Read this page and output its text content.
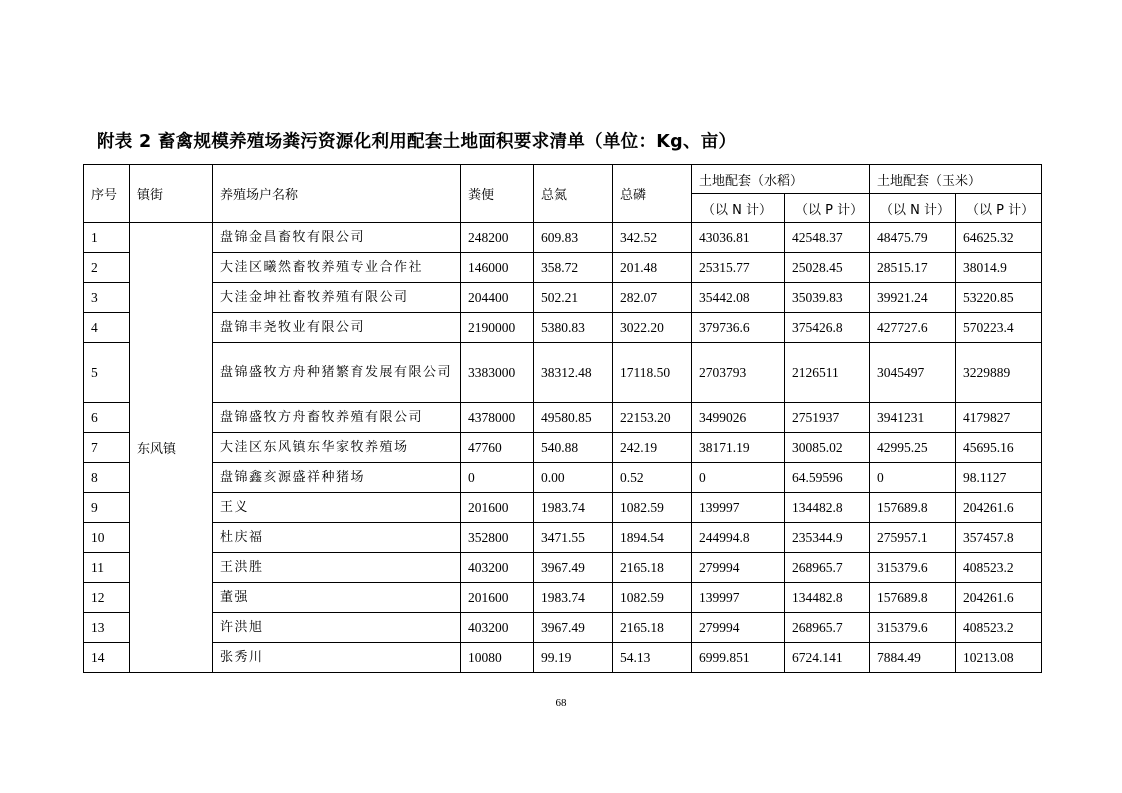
附表 2 畜禽规模养殖场粪污资源化利用配套土地面积要求清单（单位：Kg、亩）
序号	镇街	养殖场户名称	粪便	总氮	总磷	土地配套（水稻）		土地配套（玉米）	
						（以 N 计）	（以 P 计）	（以 N 计）	（以 P 计）
1	东风镇	盘锦金昌畜牧有限公司	248200	609.83	342.52	43036.81	42548.37	48475.79	64625.32
2		大洼区曦然畜牧养殖专业合作社	146000	358.72	201.48	25315.77	25028.45	28515.17	38014.9
3		大洼金坤社畜牧养殖有限公司	204400	502.21	282.07	35442.08	35039.83	39921.24	53220.85
4		盘锦丰尧牧业有限公司	2190000	5380.83	3022.20	379736.6	375426.8	427727.6	570223.4
5		盘锦盛牧方舟种猪繁育发展有限公司	3383000	38312.48	17118.50	2703793	2126511	3045497	3229889
6		盘锦盛牧方舟畜牧养殖有限公司	4378000	49580.85	22153.20	3499026	2751937	3941231	4179827
7		大洼区东风镇东华家牧养殖场	47760	540.88	242.19	38171.19	30085.02	42995.25	45695.16
8		盘锦鑫亥源盛祥种猪场	0	0.00	0.52	0	64.59596	0	98.1127
9		王义	201600	1983.74	1082.59	139997	134482.8	157689.8	204261.6
10		杜庆福	352800	3471.55	1894.54	244994.8	235344.9	275957.1	357457.8
11		王洪胜	403200	3967.49	2165.18	279994	268965.7	315379.6	408523.2
12		董强	201600	1983.74	1082.59	139997	134482.8	157689.8	204261.6
13		许洪旭	403200	3967.49	2165.18	279994	268965.7	315379.6	408523.2
14		张秀川	10080	99.19	54.13	6999.851	6724.141	7884.49	10213.08
68
